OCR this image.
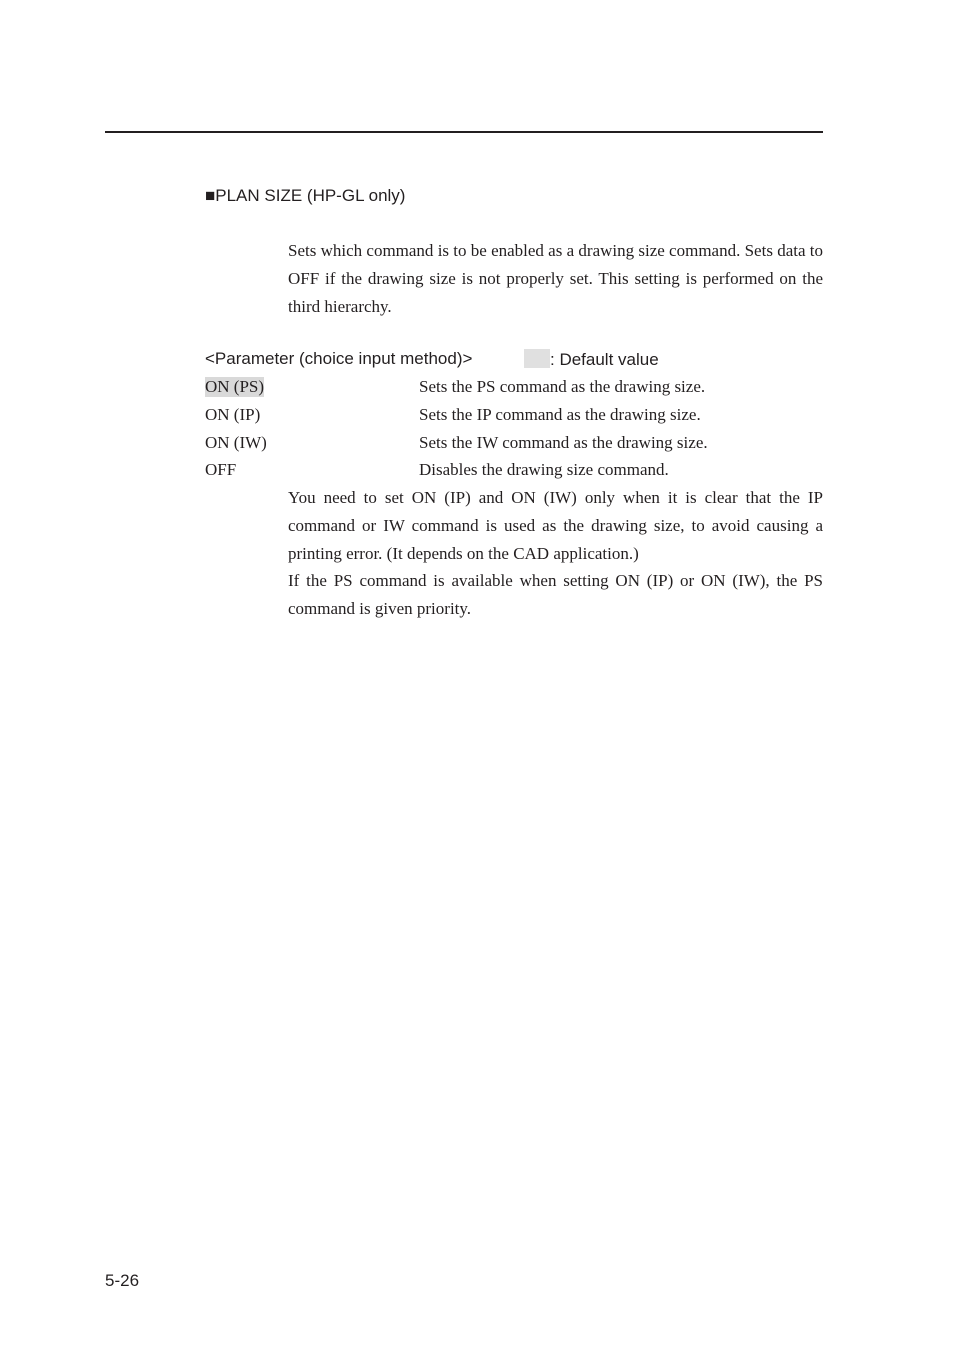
■PLAN SIZE (HP-GL only)
Sets which command is to be enabled as a drawing size command. Sets data to OFF if the drawing size is not properly set. This setting is performed on the third hierarchy.
<Parameter (choice input method)>	: Default value
ON (PS)	Sets the PS command as the drawing size.
ON (IP)	Sets the IP command as the drawing size.
ON (IW)	Sets the IW command as the drawing size.
OFF	Disables the drawing size command.
You need to set ON (IP) and ON (IW) only when it is clear that the IP command or IW command is used as the drawing size, to avoid causing a printing error. (It depends on the CAD application.)
If the PS command is available when setting ON (IP) or ON (IW), the PS command is given priority.
5-26
